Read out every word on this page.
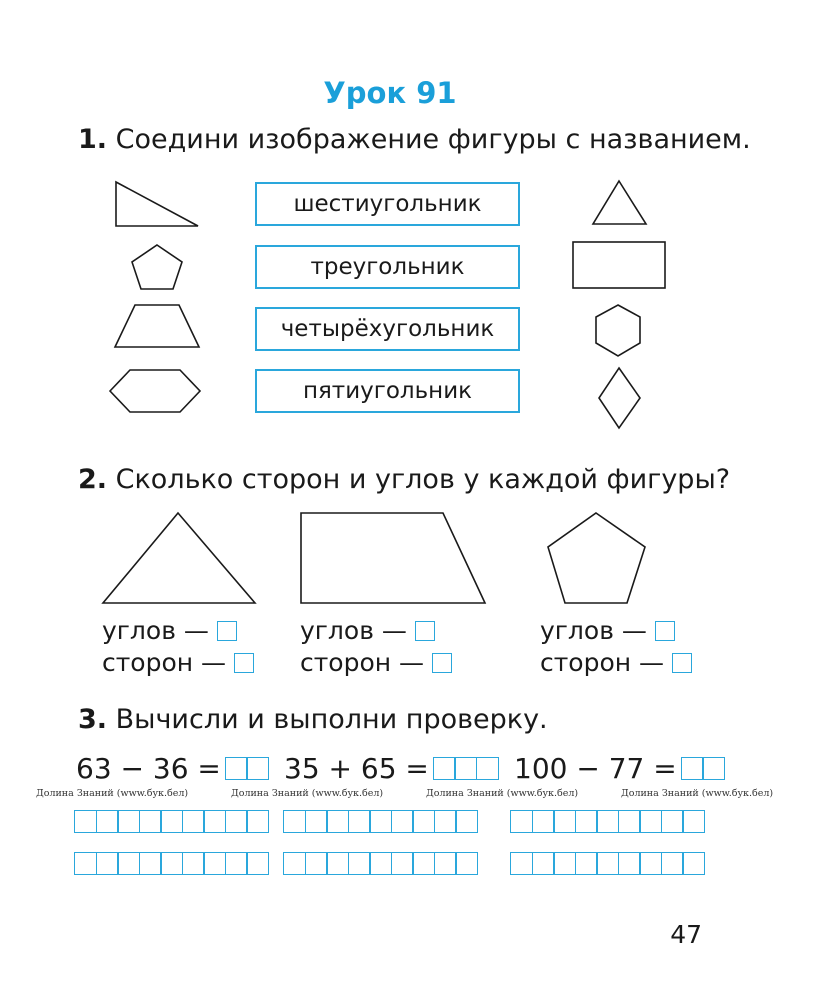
Урок 91
1. Соедини изображение фигуры с названием.
шестиугольник
треугольник
четырёхугольник
пятиугольник
2. Сколько сторон и углов у каждой фигуры?
углов —
сторон —
углов —
сторон —
углов —
сторон —
3. Вычисли и выполни проверку.
63 − 36 = 35 + 65 =	100 − 77 =
Долина Знаний (www.бук.бел)	Долина Знаний (www.бук.бел)	Долина Знаний (www.бук.бел)	Долина Знаний (www.бук.бел)
47
